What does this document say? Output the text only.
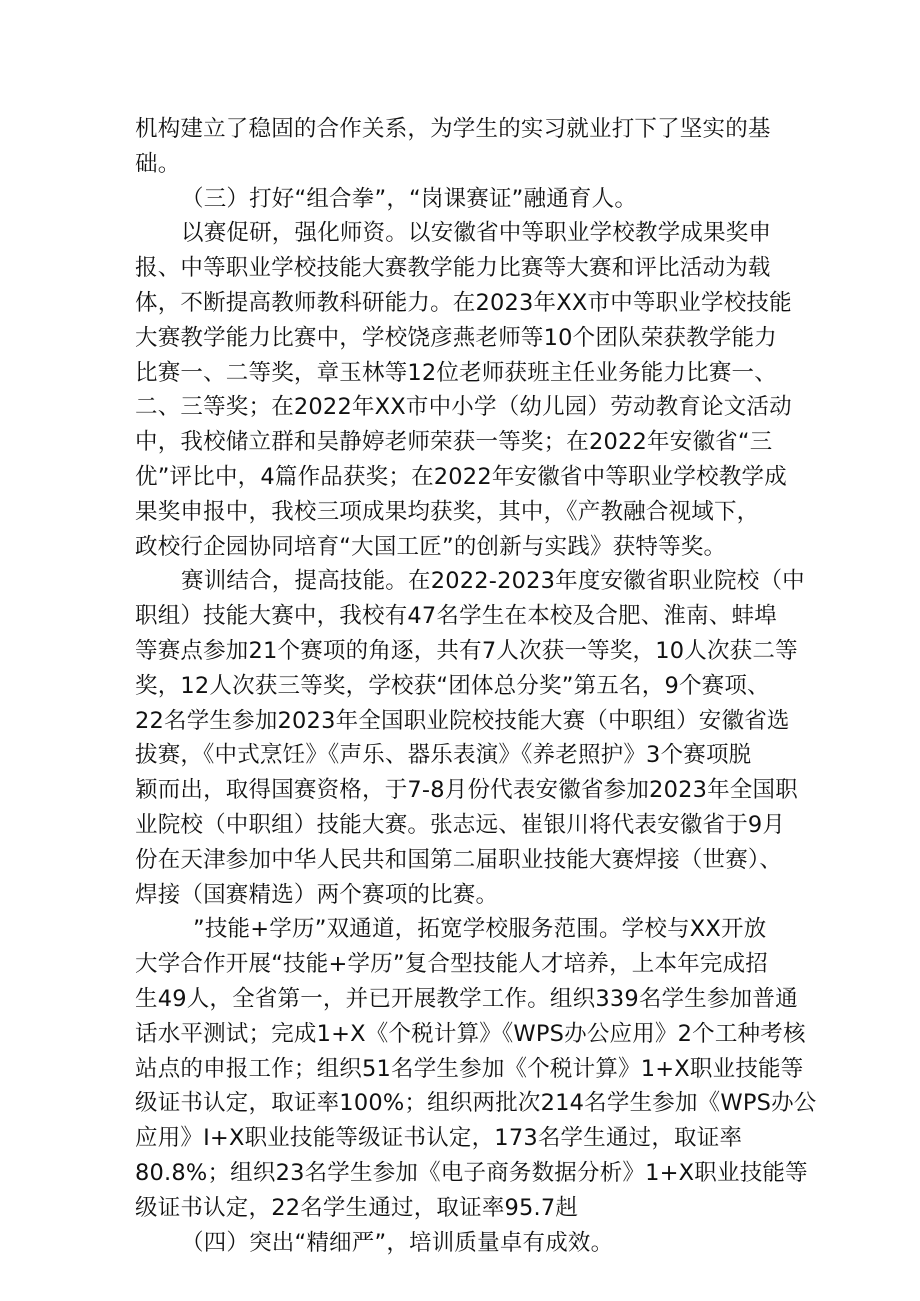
机构建立了稳固的合作关系，为学生的实习就业打下了坚实的基
础。
（三）打好“组合拳”，“岗课赛证”融通育人。
以赛促研，强化师资。以安徽省中等职业学校教学成果奖申
报、中等职业学校技能大赛教学能力比赛等大赛和评比活动为载
体，不断提高教师教科研能力。在2023年XX市中等职业学校技能
大赛教学能力比赛中，学校饶彦燕老师等10个团队荣获教学能力
比赛一、二等奖，章玉林等12位老师获班主任业务能力比赛一、
二、三等奖；在2022年XX市中小学（幼儿园）劳动教育论文活动
中，我校储立群和吴静婷老师荣获一等奖；在2022年安徽省“三
优”评比中，4篇作品获奖；在2022年安徽省中等职业学校教学成
果奖申报中，我校三项成果均获奖，其中，《产教融合视域下，
政校行企园协同培育“大国工匠”的创新与实践》获特等奖。
赛训结合，提高技能。在2022-2023年度安徽省职业院校（中
职组）技能大赛中，我校有47名学生在本校及合肥、淮南、蚌埠
等赛点参加21个赛项的角逐，共有7人次获一等奖，10人次获二等
奖，12人次获三等奖，学校获“团体总分奖”第五名，9个赛项、
22名学生参加2023年全国职业院校技能大赛（中职组）安徽省选
拔赛，《中式烹饪》《声乐、器乐表演》《养老照护》3个赛项脱
颖而出，取得国赛资格，于7-8月份代表安徽省参加2023年全国职
业院校（中职组）技能大赛。张志远、崔银川将代表安徽省于9月
份在天津参加中华人民共和国第二届职业技能大赛焊接（世赛）、
焊接（国赛精选）两个赛项的比赛。
”技能+学历”双通道，拓宽学校服务范围。学校与XX开放
大学合作开展“技能+学历”复合型技能人才培养，上本年完成招
生49人，全省第一，并已开展教学工作。组织339名学生参加普通
话水平测试；完成1+X《个税计算》《WPS办公应用》2个工种考核
站点的申报工作；组织51名学生参加《个税计算》1+X职业技能等
级证书认定，取证率100%；组织两批次214名学生参加《WPS办公
应用》I+X职业技能等级证书认定，173名学生通过，取证率
80.8%；组织23名学生参加《电子商务数据分析》1+X职业技能等
级证书认定，22名学生通过，取证率95.7赳
（四）突出“精细严”，培训质量卓有成效。
